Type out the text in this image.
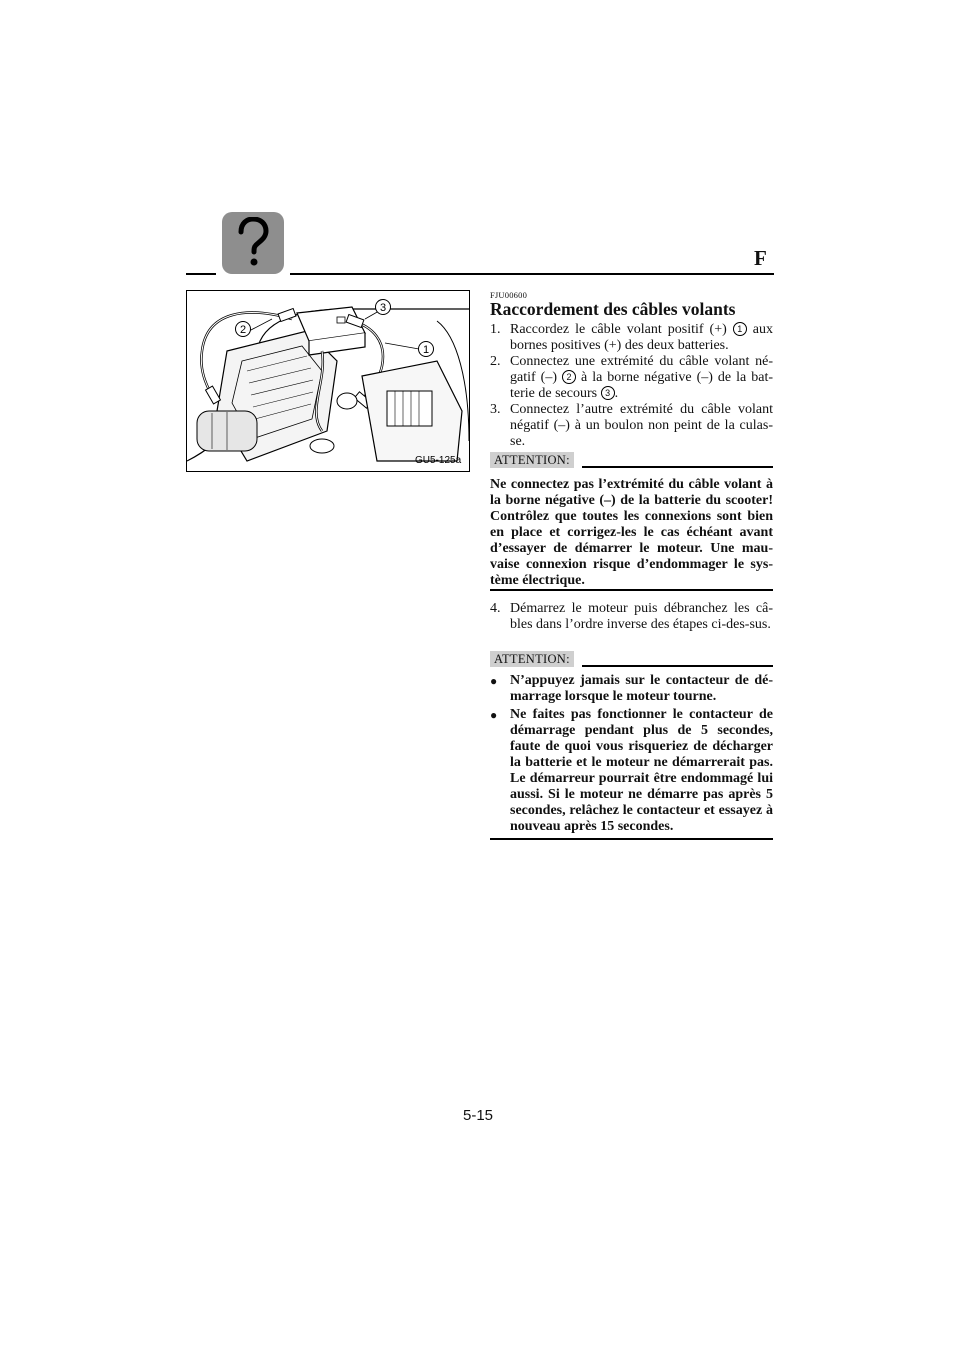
F
3
2
1
GU5-125a
FJU00600
Raccordement des câbles volants
1. Raccordez le câble volant positif (+) 1 aux bornes positives (+) des deux batteries.
2. Connectez une extrémité du câble volant né-gatif (–) 2 à la borne négative (–) de la bat-terie de secours 3 .
3. Connectez l’autre extrémité du câble volant négatif (–) à un boulon non peint de la culas-se.
ATTENTION:
Ne connectez pas l’extrémité du câble volant à la borne négative (–) de la batterie du scooter! Contrôlez que toutes les connexions sont bien en place et corrigez-les le cas échéant avant d’essayer de démarrer le moteur. Une mau-vaise connexion risque d’endommager le sys-tème électrique.
4. Démarrez le moteur puis débranchez les câ-bles dans l’ordre inverse des étapes ci-des-sus.
ATTENTION:
● N’appuyez jamais sur le contacteur de dé-marrage lorsque le moteur tourne.
● Ne faites pas fonctionner le contacteur de démarrage pendant plus de 5 secondes, faute de quoi vous risqueriez de décharger la batterie et le moteur ne démarrerait pas. Le démarreur pourrait être endommagé lui aussi. Si le moteur ne démarre pas après 5 secondes, relâchez le contacteur et essayez à nouveau après 15 secondes.
5-15
